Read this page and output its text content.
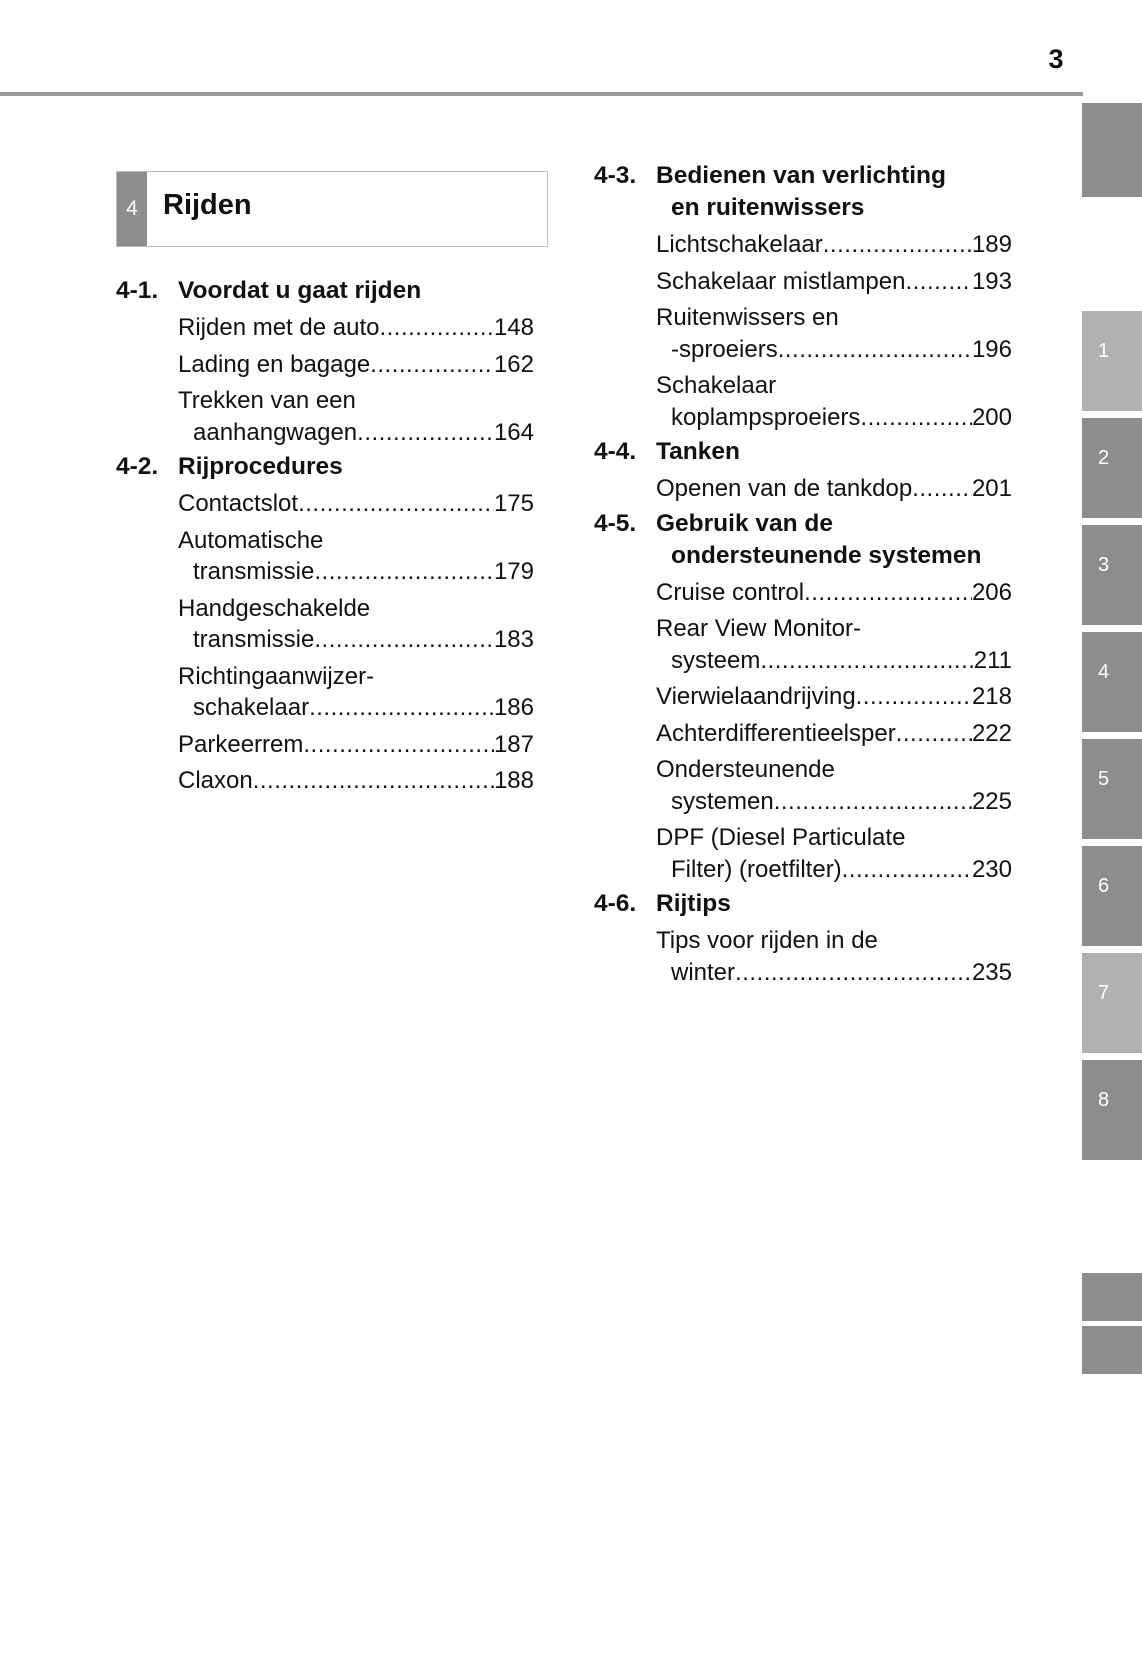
3
1
2
3
4
5
6
7
8
4 Rijden
4-1. Voordat u gaat rijden
Rijden met de auto .....	148
Lading en bagage .....	162
Trekken van een
aanhangwagen .....	164
4-2. Rijprocedures
Contactslot .....	175
Automatische
transmissie .....	179
Handgeschakelde
transmissie .....	183
Richtingaanwijzer-
schakelaar .....	186
Parkeerrem .....	187
Claxon .....	188
4-3. Bedienen van verlichting
en ruitenwissers
Lichtschakelaar .....	189
Schakelaar mistlampen .....	193
Ruitenwissers en
-sproeiers .....	196
Schakelaar
koplampsproeiers .....	200
4-4. Tanken
Openen van de tankdop ..... 201
4-5. Gebruik van de
ondersteunende systemen
Cruise control .....	206
Rear View Monitor-
systeem .....	211
Vierwielaandrijving .....	218
Achterdifferentieelsper .....	222
Ondersteunende
systemen .....	225
DPF (Diesel Particulate
Filter) (roetfilter) .....	230
4-6. Rijtips
Tips voor rijden in de
winter .....	235
